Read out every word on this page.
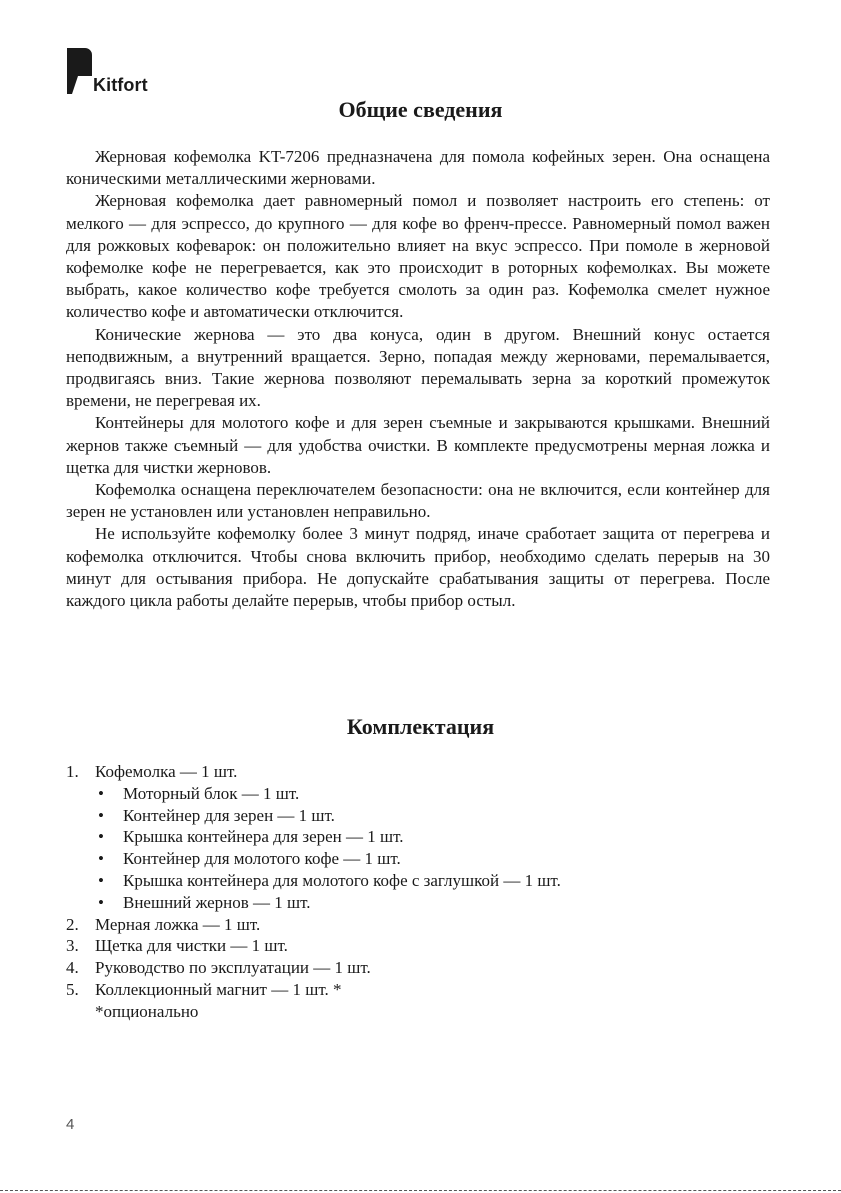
Kitfort
Общие сведения

Жерновая кофемолка KT-7206 предназначена для помола кофейных зерен. Она оснащена коническими металлическими жерновами.

Жерновая кофемолка дает равномерный помол и позволяет настроить его степень: от мелкого — для эспрессо, до крупного — для кофе во френч-прессе. Равномерный помол важен для рожковых кофеварок: он положительно влияет на вкус эспрессо. При помоле в жерновой кофемолке кофе не перегревается, как это происходит в роторных кофемолках. Вы можете выбрать, какое количество кофе требуется смолоть за один раз. Кофемолка смелет нужное количество кофе и автоматически отключится.

Конические жернова — это два конуса, один в другом. Внешний конус остается неподвижным, а внутренний вращается. Зерно, попадая между жерновами, перемалывается, продвигаясь вниз. Такие жернова позволяют перемалывать зерна за короткий промежуток времени, не перегревая их.

Контейнеры для молотого кофе и для зерен съемные и закрываются крышками. Внешний жернов также съемный — для удобства очистки. В комплекте предусмотрены мерная ложка и щетка для чистки жерновов.

Кофемолка оснащена переключателем безопасности: она не включится, если контейнер для зерен не установлен или установлен неправильно.

Не используйте кофемолку более 3 минут подряд, иначе сработает защита от перегрева и кофемолка отключится. Чтобы снова включить прибор, необходимо сделать перерыв на 30 минут для остывания прибора. Не допускайте срабатывания защиты от перегрева. После каждого цикла работы делайте перерыв, чтобы прибор остыл.

Комплектация
1. Кофемолка — 1 шт.
• Моторный блок — 1 шт.
• Контейнер для зерен — 1 шт.
• Крышка контейнера для зерен — 1 шт.
• Контейнер для молотого кофе — 1 шт.
• Крышка контейнера для молотого кофе с заглушкой — 1 шт.
• Внешний жернов — 1 шт.
2. Мерная ложка — 1 шт.
3. Щетка для чистки — 1 шт.
4. Руководство по эксплуатации — 1 шт.
5. Коллекционный магнит — 1 шт. *
*опционально
4
